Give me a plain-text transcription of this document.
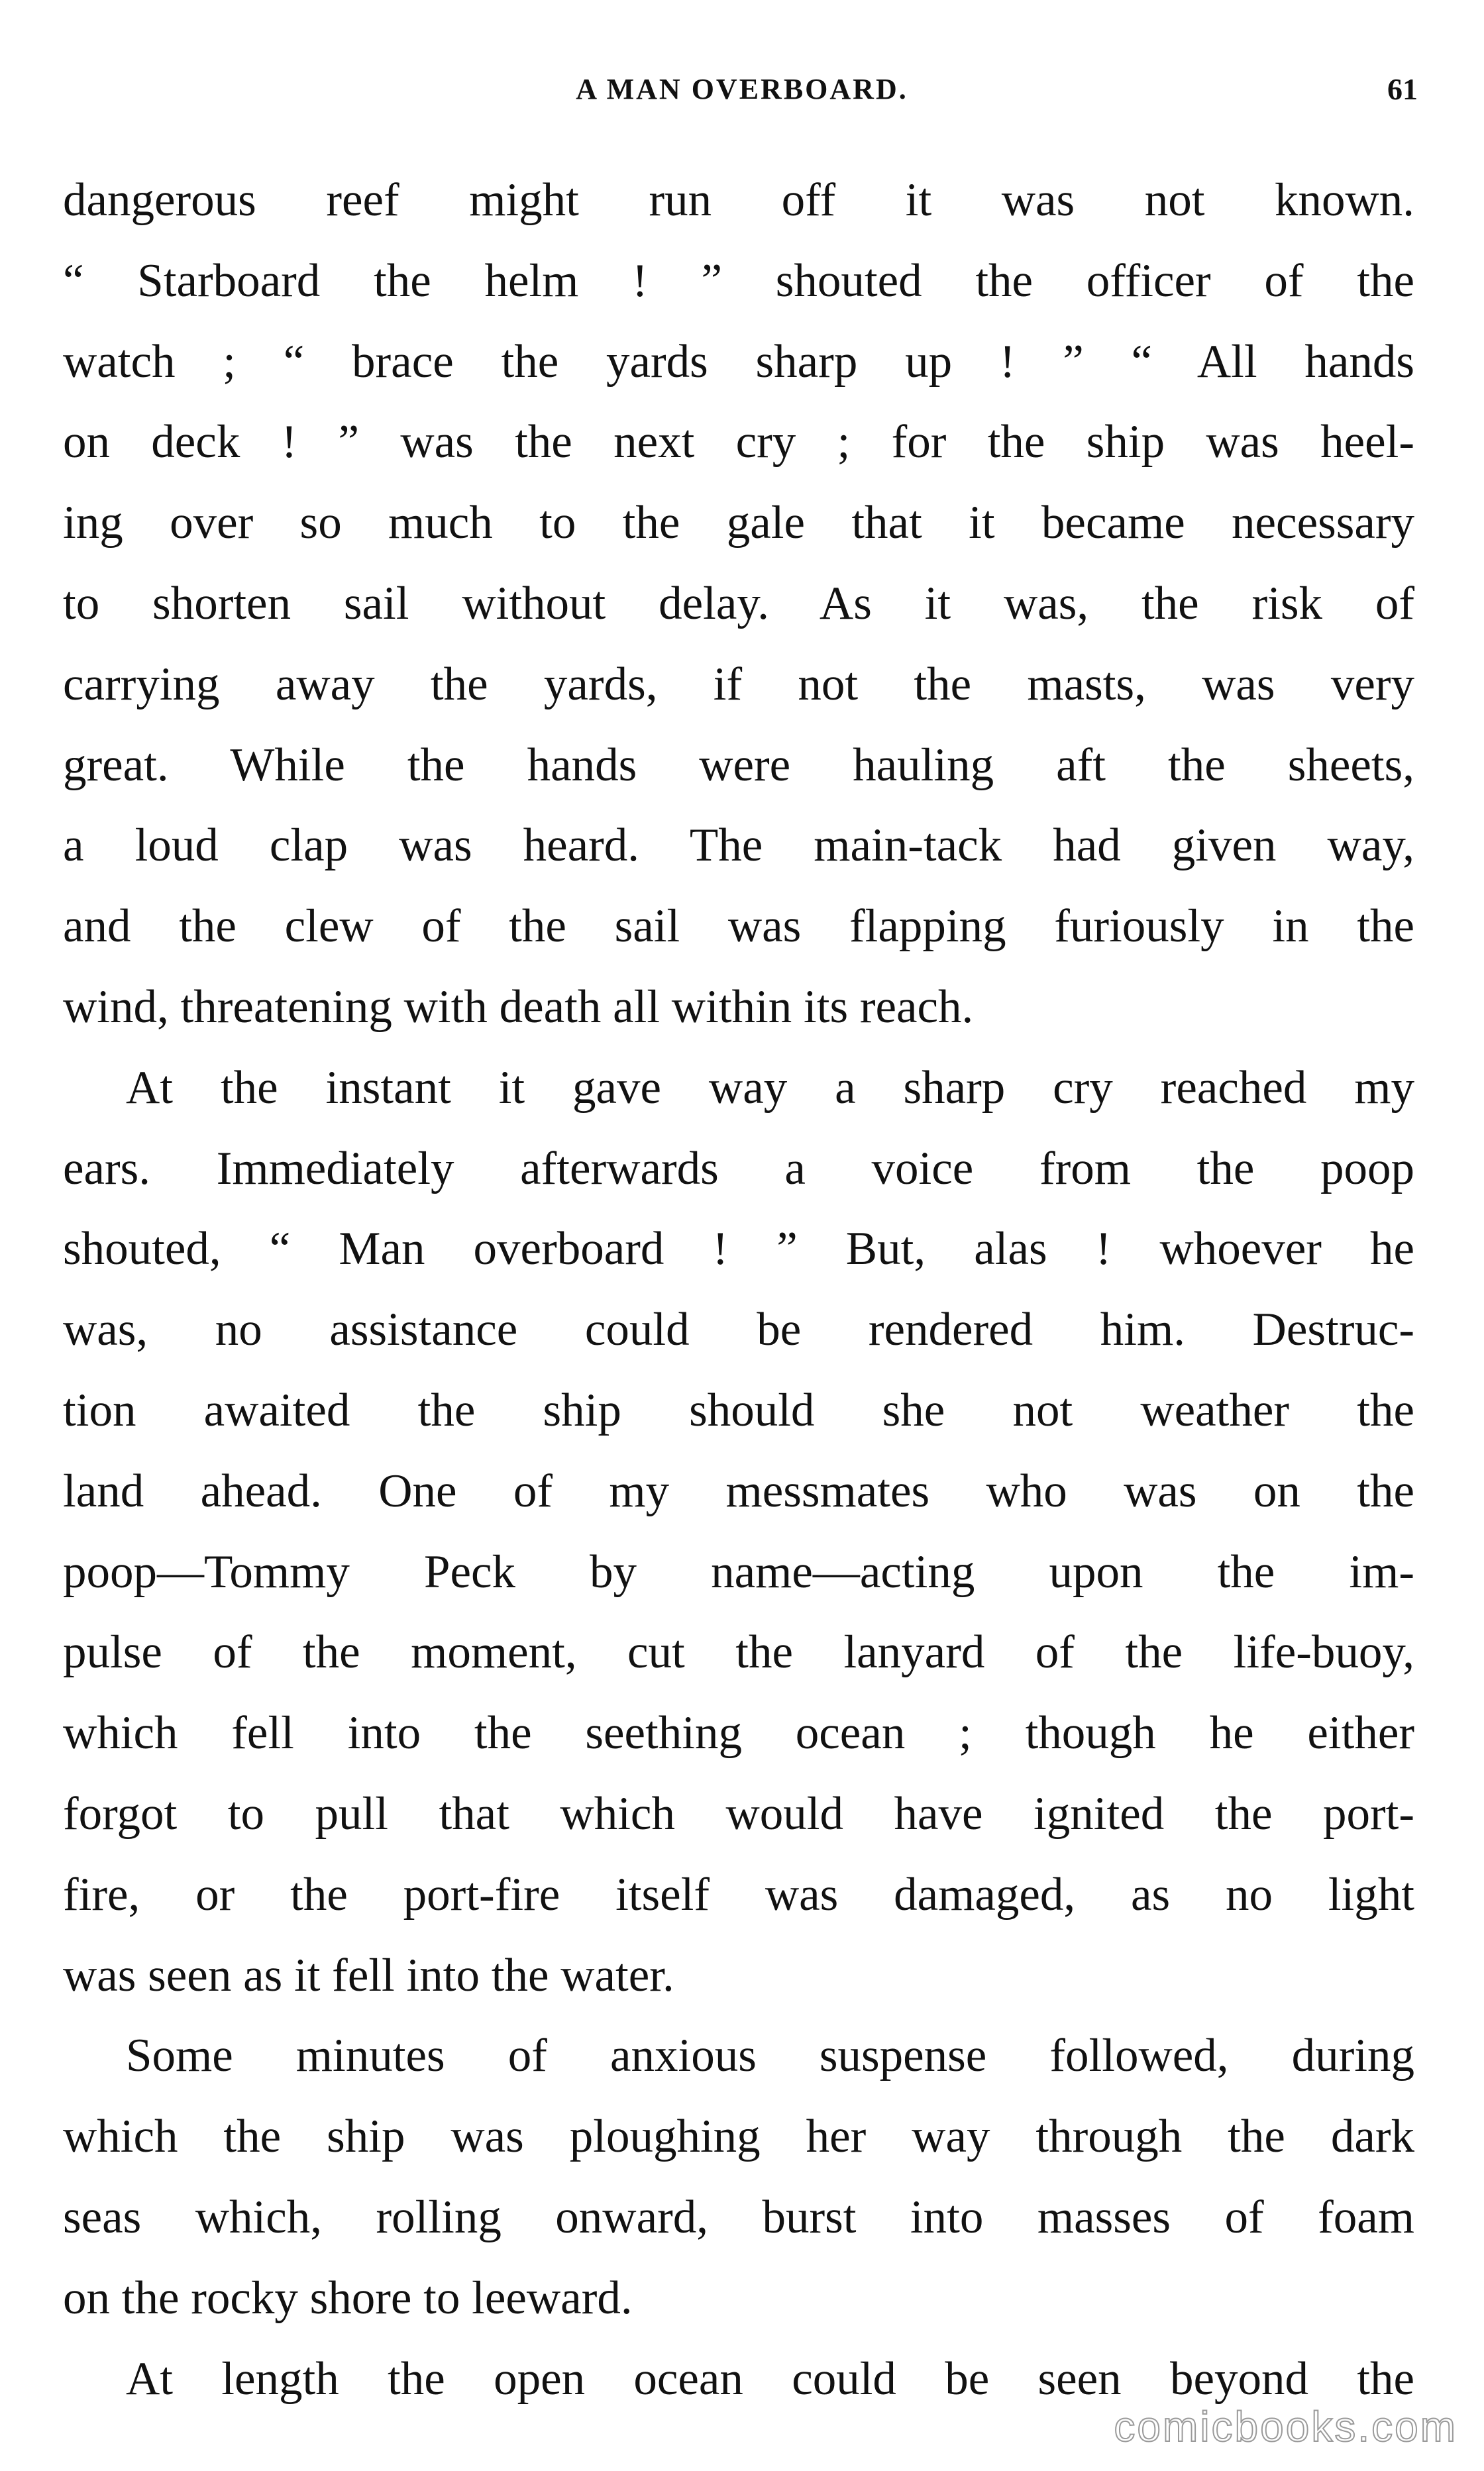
A MAN OVERBOARD.	61
dangerous reef might run off it was not known.
“ Starboard the helm ! ” shouted the officer of the
watch ; “ brace the yards sharp up ! ” “ All hands
on deck ! ” was the next cry ; for the ship was heel-
ing over so much to the gale that it became necessary
to shorten sail without delay. As it was, the risk of
carrying away the yards, if not the masts, was very
great. While the hands were hauling aft the sheets,
a loud clap was heard. The main-tack had given way,
and the clew of the sail was flapping furiously in the
wind, threatening with death all within its reach.
At the instant it gave way a sharp cry reached my
ears. Immediately afterwards a voice from the poop
shouted, “ Man overboard ! ” But, alas ! whoever he
was, no assistance could be rendered him. Destruc-
tion awaited the ship should she not weather the
land ahead. One of my messmates who was on the
poop—Tommy Peck by name—acting upon the im-
pulse of the moment, cut the lanyard of the life-buoy,
which fell into the seething ocean ; though he either
forgot to pull that which would have ignited the port-
fire, or the port-fire itself was damaged, as no light
was seen as it fell into the water.
Some minutes of anxious suspense followed, during
which the ship was ploughing her way through the dark
seas which, rolling onward, burst into masses of foam
on the rocky shore to leeward.
At length the open ocean could be seen beyond the
comicbooks.com
